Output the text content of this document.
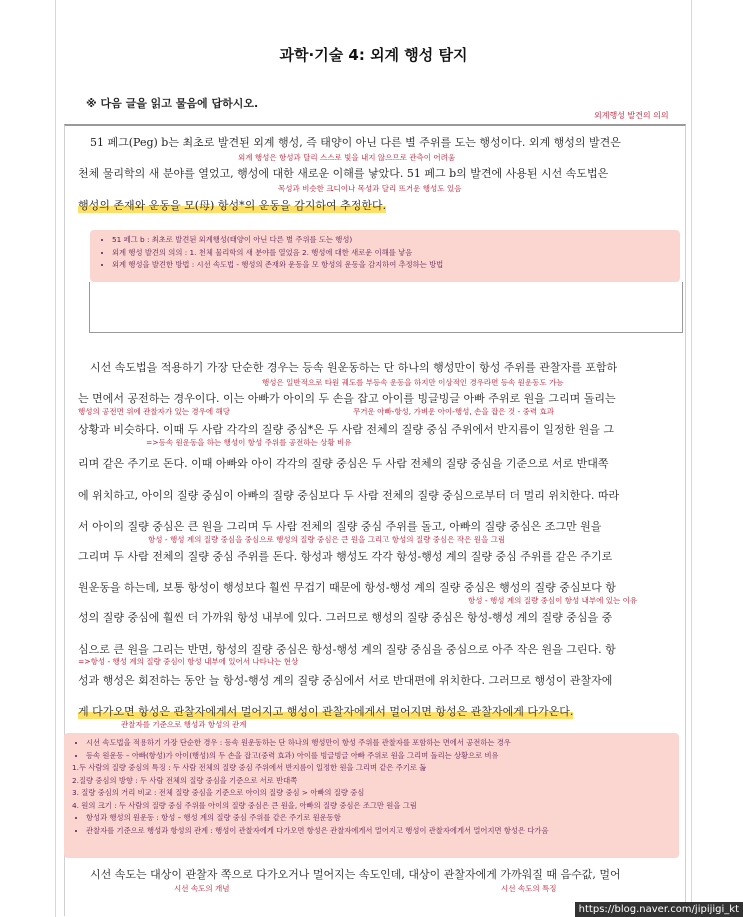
과학·기술 4: 외계 행성 탐지
※ 다음 글을 읽고 물음에 답하시오.
외계행성 발견의 의의
51 페그(Peg) b는 최초로 발견된 외계 행성, 즉 태양이 아닌 다른 별 주위를 도는 행성이다. 외계 행성의 발견은
외계 행성은 항성과 달리 스스로 빛을 내지 않으므로 관측이 어려움
천체 물리학의 새 분야를 열었고, 행성에 대한 새로운 이해를 낳았다. 51 페그 b의 발견에 사용된 시선 속도법은
목성과 비슷한 크디이나 목성과 달리 뜨거운 행성도 있음
행성의 존재와 운동을 모(母) 항성*의 운동을 감지하여 추정한다.
• 51 페그 b : 최초로 발견된 외계행성(태양이 아닌 다른 별 주위를 도는 행성)
• 외계 행성 발견의 의의 : 1. 천체 물리학의 새 분야를 열었음 2. 행성에 대한 새로운 이해를 낳음
• 외계 행성을 발견한 방법 : 시선 속도법 - 행성의 존재와 운동을 모 항성의 운동을 감지하여 추정하는 방법
시선 속도법을 적용하기 가장 단순한 경우는 등속 원운동하는 단 하나의 행성만이 항성 주위를 관찰자를 포함하
행성은 일반적으로 타원 궤도를 부등속 운동을 하지만 이상적인 경우라면 등속 원운동도 가능
는 면에서 공전하는 경우이다. 이는 아빠가 아이의 두 손을 잡고 아이를 빙글빙글 아빠 주위로 원을 그리며 돌리는
행성의 공전면 위에 관찰자가 있는 경우에 해당	무거운 아빠-항성, 가벼운 아이-행성, 손을 잡은 것 - 중력 효과
상황과 비슷하다. 이때 두 사람 각각의 질량 중심*은 두 사람 전체의 질량 중심 주위에서 반지름이 일정한 원을 그
=>등속 원운동을 하는 행성이 항성 주위를 공전하는 상황 비유
리며 같은 주기로 돈다. 이때 아빠와 아이 각각의 질량 중심은 두 사람 전체의 질량 중심을 기준으로 서로 반대쪽
에 위치하고, 아이의 질량 중심이 아빠의 질량 중심보다 두 사람 전체의 질량 중심으로부터 더 멀리 위치한다. 따라
서 아이의 질량 중심은 큰 원을 그리며 두 사람 전체의 질량 중심 주위를 돌고, 아빠의 질량 중심은 조그만 원을
항성 - 행성 계의 질량 중심을 중심으로 행성의 질량 중심은 큰 원을 그리고 항성의 질량 중심은 작은 원을 그림
그리며 두 사람 전체의 질량 중심 주위를 돈다. 항성과 행성도 각각 항성-행성 계의 질량 중심 주위를 같은 주기로
원운동을 하는데, 보통 항성이 행성보다 훨씬 무겁기 때문에 항성-행성 계의 질량 중심은 행성의 질량 중심보다 항
항성 - 행성 계의 질량 중심이 항성 내부에 있는 이유
성의 질량 중심에 훨씬 더 가까워 항성 내부에 있다. 그러므로 행성의 질량 중심은 항성-행성 계의 질량 중심을 중
심으로 큰 원을 그리는 반면, 항성의 질량 중심은 항성-행성 계의 질량 중심을 중심으로 아주 작은 원을 그린다. 항
=>항성 - 행성 계의 질량 중심이 항성 내부에 있어서 나타나는 현상
성과 행성은 회전하는 동안 늘 항성-행성 계의 질량 중심에서 서로 반대편에 위치한다. 그러므로 행성이 관찰자에
게 다가오면 항성은 관찰자에게서 멀어지고 행성이 관찰자에게서 멀어지면 항성은 관찰자에게 다가온다.
관찰자를 기준으로 행성과 항성의 관계
• 시선 속도법을 적용하기 가장 단순한 경우 : 등속 원운동하는 단 하나의 행성만이 항성 주위를 관찰자를 포함하는 면에서 공전하는 경우
• 등속 원운동 – 아빠(항성)가 아이(행성)의 두 손을 잡고(중력 효과) 아이를 빙글빙글 아빠 주위로 원을 그리며 돌리는 상황으로 비유
1.두 사람의 질량 중심의 특징 : 두 사람 전체의 질량 중심 주위에서 반지름이 일정한 원을 그리며 같은 주기로 돎
2.질량 중심의 방향 : 두 사람 전체의 질량 중심을 기준으로 서로 반대쪽
3. 질량 중심의 거리 비교 : 전체 질량 중심을 기준으로 아이의 질량 중심 > 아빠의 질량 중심
4. 원의 크기 : 두 사람의 질량 중심 주위를 아이의 질량 중심은 큰 원을, 아빠의 질량 중심은 조그만 원을 그림
• 항성과 행성의 원운동 : 항성 – 행성 계의 질량 중심 주위를 같은 주기로 원운동함
• 관찰자를 기준으로 행성과 항성의 관계 : 행성이 관찰자에게 다가오면 항성은 관찰자에게서 멀어지고 행성이 관찰자에게서 멀어지면 항성은 다가옴
시선 속도는 대상이 관찰자 쪽으로 다가오거나 멀어지는 속도인데, 대상이 관찰자에게 가까워질 때 음수값, 멀어
시선 속도의 개념	시선 속도의 특징
https://blog.naver.com/jipijigi_kt
